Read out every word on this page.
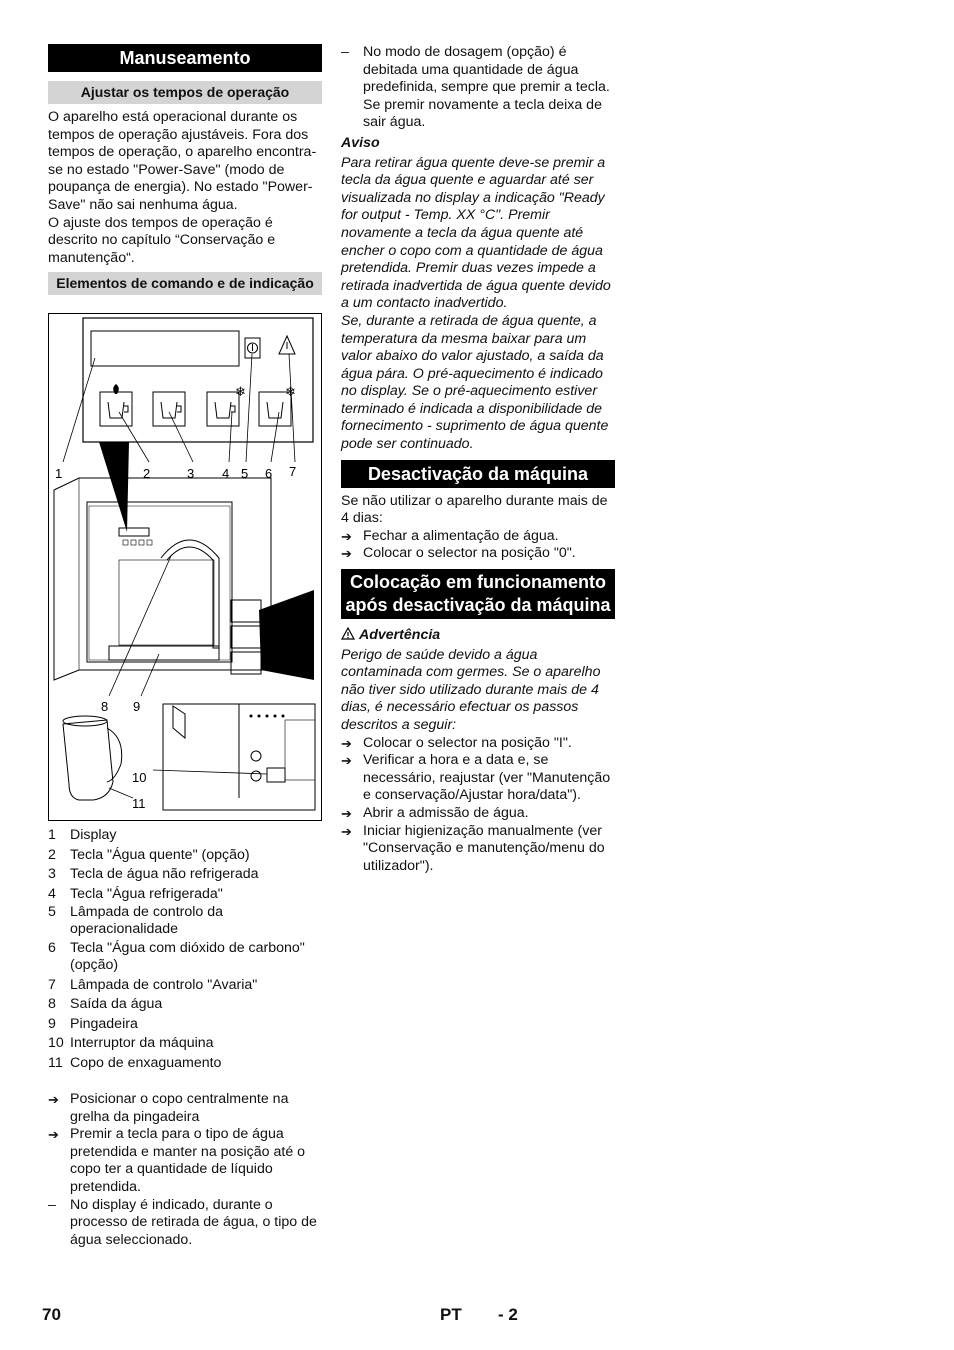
Manuseamento
Ajustar os tempos de operação

O aparelho está operacional durante os tempos de operação ajustáveis. Fora dos tempos de operação, o aparelho encontra-se no estado "Power-Save" (modo de poupança de energia). No estado "Power-Save" não sai nenhuma água.

O ajuste dos tempos de operação é descrito no capítulo “Conservação e manutenção“.

Elementos de comando e de indicação
❄	❄
1	2	3 4 5 6 7
8 9
10
11
1 Display
2 Tecla "Água quente" (opção)
3 Tecla de água não refrigerada
4 Tecla "Água refrigerada"
5 Lâmpada de controlo da operacionalidade
6 Tecla "Água com dióxido de carbono" (opção)
7 Lâmpada de controlo "Avaria"
8 Saída da água
9 Pingadeira
10 Interruptor da máquina
11 Copo de enxaguamento
➔ Posicionar o copo centralmente na grelha da pingadeira
➔ Premir a tecla para o tipo de água pretendida e manter na posição até o copo ter a quantidade de líquido pretendida.
– No display é indicado, durante o processo de retirada de água, o tipo de água seleccionado.
– No modo de dosagem (opção) é debitada uma quantidade de água predefinida, sempre que premir a tecla.
Se premir novamente a tecla deixa de sair água.

Aviso

Para retirar água quente deve-se premir a tecla da água quente e aguardar até ser visualizada no display a indicação "Ready for output - Temp. XX °C". Premir novamente a tecla da água quente até encher o copo com a quantidade de água pretendida. Premir duas vezes impede a retirada inadvertida de água quente devido a um contacto inadvertido.

Se, durante a retirada de água quente, a temperatura da mesma baixar para um valor abaixo do valor ajustado, a saída da água pára. O pré-aquecimento é indicado no display. Se o pré-aquecimento estiver terminado é indicada a disponibilidade de fornecimento - suprimento de água quente pode ser continuado.

Desactivação da máquina

Se não utilizar o aparelho durante mais de 4 dias:

➔ Fechar a alimentação de água.
➔ Colocar o selector na posição "0".
Colocação em funcionamento após desactivação da máquina

Advertência

Perigo de saúde devido a água contaminada com germes. Se o aparelho não tiver sido utilizado durante mais de 4 dias, é necessário efectuar os passos descritos a seguir:

➔ Colocar o selector na posição "I".
➔ Verificar a hora e a data e, se necessário, reajustar (ver "Manutenção e conservação/Ajustar hora/data").
➔ Abrir a admissão de água.
➔ Iniciar higienização manualmente (ver "Conservação e manutenção/menu do utilizador").
70	PT - 2
